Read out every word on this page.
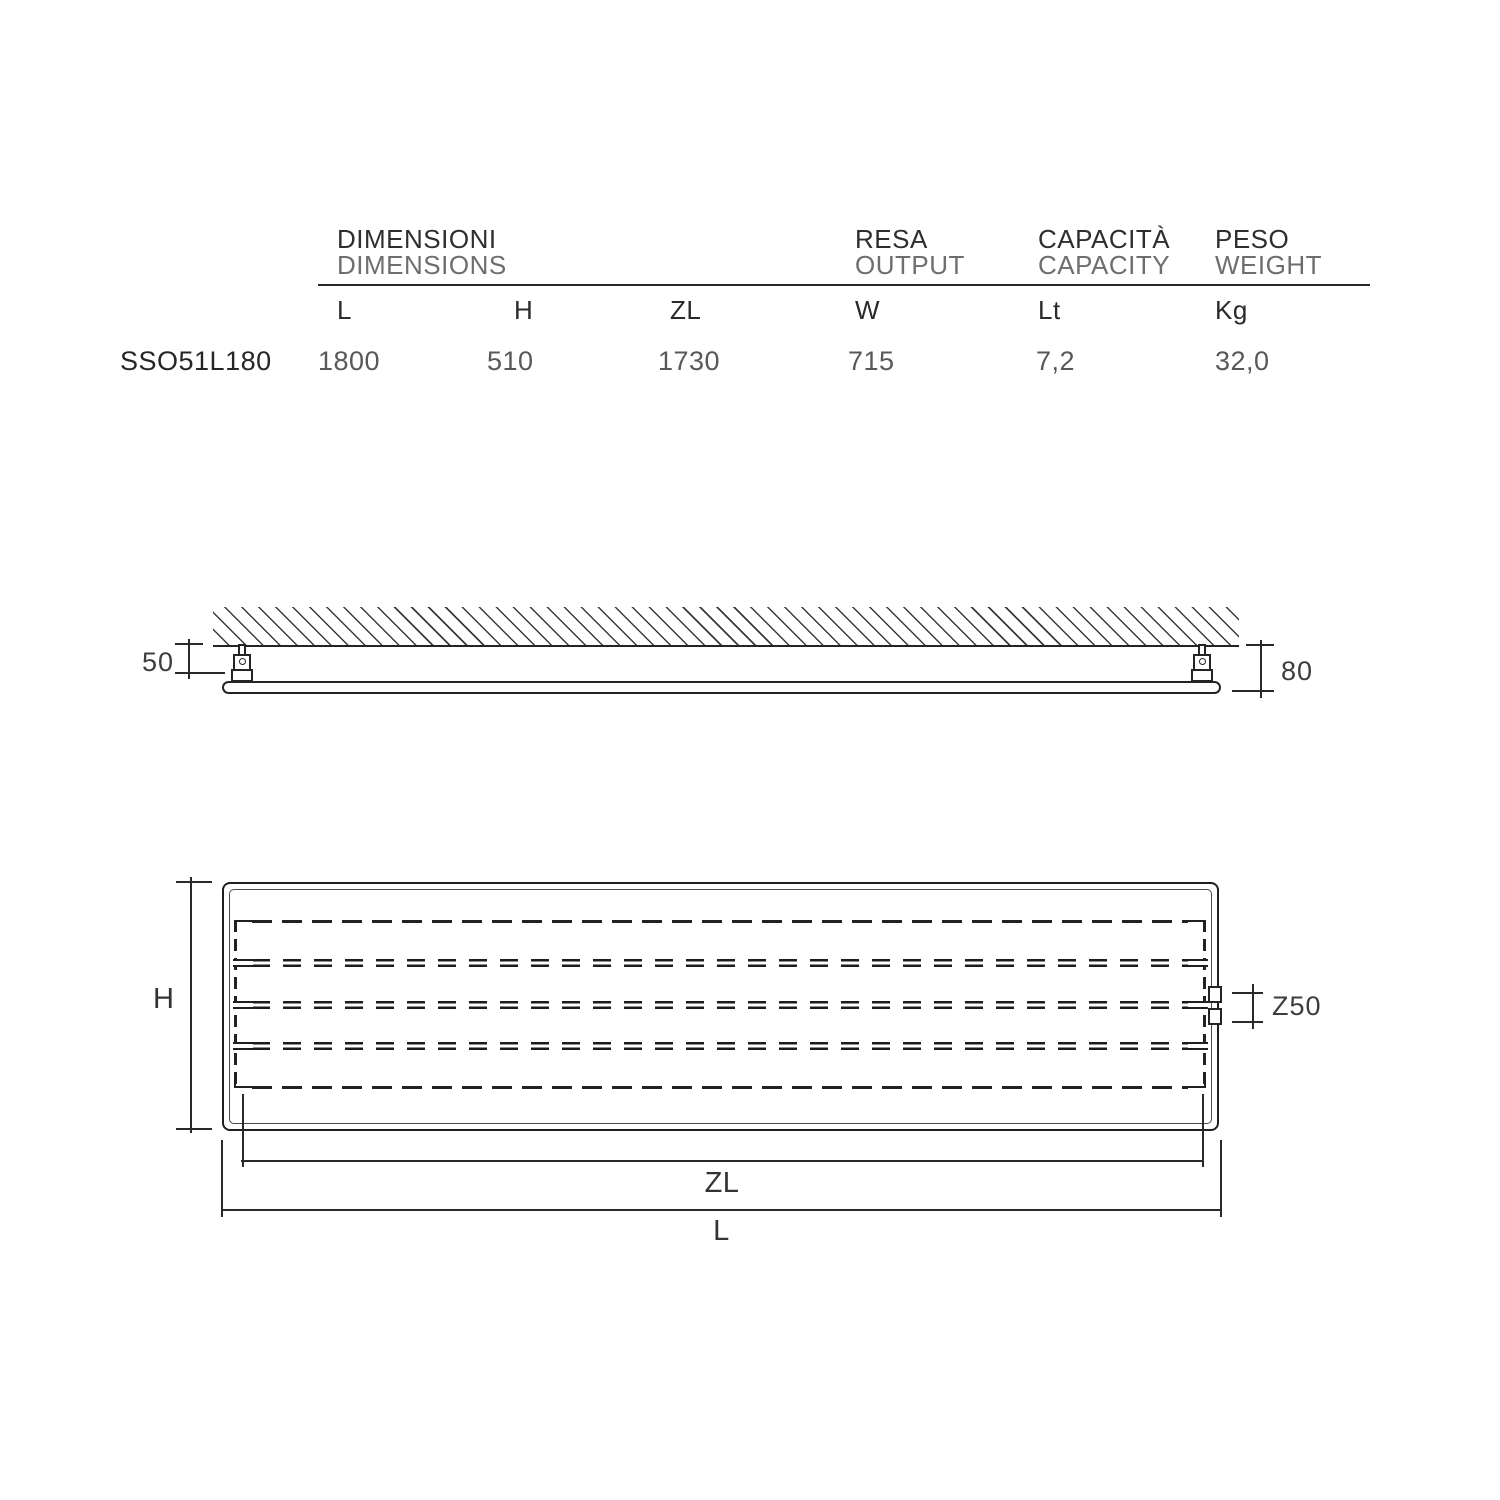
DIMENSIONI
DIMENSIONS
RESA
OUTPUT
CAPACITÀ
CAPACITY
PESO
WEIGHT
L	H	ZL	W	Lt	Kg
SSO51L180 1800	510	1730	715	7,2	32,0
50	80
H	Z50
ZL
L
